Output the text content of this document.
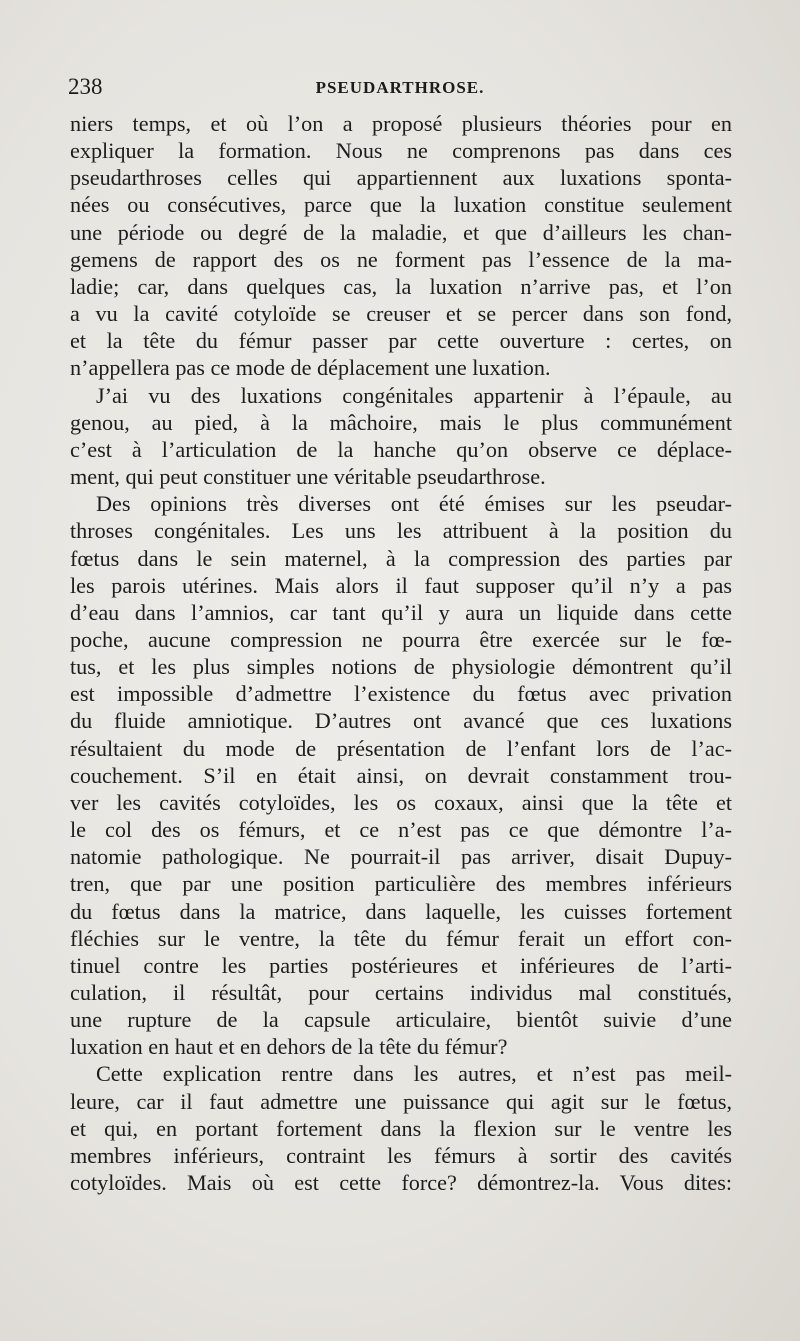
238	PSEUDARTHROSE.
niers temps, et où l’on a proposé plusieurs théories pour en
expliquer la formation. Nous ne comprenons pas dans ces
pseudarthroses celles qui appartiennent aux luxations sponta-
nées ou consécutives, parce que la luxation constitue seulement
une période ou degré de la maladie, et que d’ailleurs les chan-
gemens de rapport des os ne forment pas l’essence de la ma-
ladie; car, dans quelques cas, la luxation n’arrive pas, et l’on
a vu la cavité cotyloïde se creuser et se percer dans son fond,
et la tête du fémur passer par cette ouverture : certes, on
n’appellera pas ce mode de déplacement une luxation.
J’ai vu des luxations congénitales appartenir à l’épaule, au
genou, au pied, à la mâchoire, mais le plus communément
c’est à l’articulation de la hanche qu’on observe ce déplace-
ment, qui peut constituer une véritable pseudarthrose.
Des opinions très diverses ont été émises sur les pseudar-
throses congénitales. Les uns les attribuent à la position du
fœtus dans le sein maternel, à la compression des parties par
les parois utérines. Mais alors il faut supposer qu’il n’y a pas
d’eau dans l’amnios, car tant qu’il y aura un liquide dans cette
poche, aucune compression ne pourra être exercée sur le fœ-
tus, et les plus simples notions de physiologie démontrent qu’il
est impossible d’admettre l’existence du fœtus avec privation
du fluide amniotique. D’autres ont avancé que ces luxations
résultaient du mode de présentation de l’enfant lors de l’ac-
couchement. S’il en était ainsi, on devrait constamment trou-
ver les cavités cotyloïdes, les os coxaux, ainsi que la tête et
le col des os fémurs, et ce n’est pas ce que démontre l’a-
natomie pathologique. Ne pourrait-il pas arriver, disait Dupuy-
tren, que par une position particulière des membres inférieurs
du fœtus dans la matrice, dans laquelle, les cuisses fortement
fléchies sur le ventre, la tête du fémur ferait un effort con-
tinuel contre les parties postérieures et inférieures de l’arti-
culation, il résultât, pour certains individus mal constitués,
une rupture de la capsule articulaire, bientôt suivie d’une
luxation en haut et en dehors de la tête du fémur?
Cette explication rentre dans les autres, et n’est pas meil-
leure, car il faut admettre une puissance qui agit sur le fœtus,
et qui, en portant fortement dans la flexion sur le ventre les
membres inférieurs, contraint les fémurs à sortir des cavités
cotyloïdes. Mais où est cette force? démontrez-la. Vous dites:
